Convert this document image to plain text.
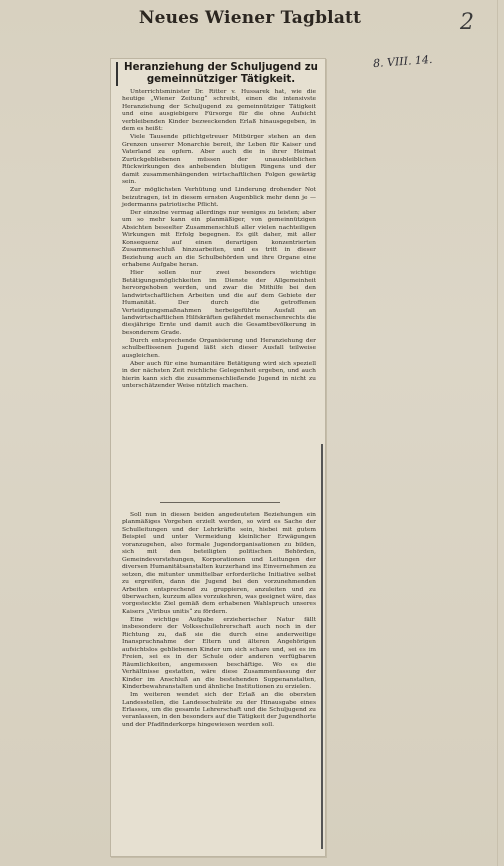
Neues Wiener Tagblatt	2
8. VIII. 14.
Heranziehung der Schuljugend zu gemeinnütziger Tätigkeit.

Unterrichtsminister Dr. Ritter v. Hussarek hat, wie die heutige „Wiener Zeitung“ schreibt, einen die intensivste Heranziehung der Schuljugend zu gemeinnütziger Tätigkeit und eine ausgiebigere Fürsorge für die ohne Aufsicht verbleibenden Kinder bezweckenden Erlaß hinausgegeben, in dem es heißt:

Viele Tausende pflichtgetreuer Mitbürger stehen an den Grenzen unserer Monarchie bereit, ihr Leben für Kaiser und Vaterland zu opfern. Aber auch die in ihrer Heimat Zurückgebliebenen müssen der unausbleiblichen Rückwirkungen des anhebenden blutigen Ringens und der damit zusammenhängenden wirtschaftlichen Folgen gewärtig sein.

Zur möglichsten Verhütung und Linderung drohender Not beizutragen, ist in diesem ernsten Augenblick mehr denn je — jedermanns patriotische Pflicht.

Der einzelne vermag allerdings nur weniges zu leisten; aber um so mehr kann ein planmäßiger, von gemeinnützigen Absichten beseelter Zusammenschluß aller vielen nachteiligen Wirkungen mit Erfolg begegnen. Es gilt daher, mit aller Konsequenz auf einen derartigen konzentrierten Zusammenschluß hinzuarbeiten, und es tritt in dieser Beziehung auch an die Schulbehörden und ihre Organe eine erhabene Aufgabe heran.

Hier sollen nur zwei besonders wichtige Betätigungsmöglichkeiten im Dienste der Allgemeinheit hervorgehoben werden, und zwar die Mithilfe bei den landwirtschaftlichen Arbeiten und die auf dem Gebiete der Humanität. Der durch die getroffenen Verteidigungsmaßnahmen herbeigeführte Ausfall an landwirtschaftlichen Hilfskräften gefährdet menschenrechts die diesjährige Ernte und damit auch die Gesamtbevölkerung in besonderem Grade.

Durch entsprechende Organisierung und Heranziehung der schulbeflissenen Jugend läßt sich dieser Ausfall teilweise ausgleichen.

Aber auch für eine humanitäre Betätigung wird sich speziell in der nächsten Zeit reichliche Gelegenheit ergeben, und auch hierin kann sich die zusammenschließende Jugend in nicht zu unterschätzender Weise nützlich machen.

Soll nun in diesen beiden angedeuteten Beziehungen ein planmäßiges Vorgehen erzielt werden, so wird es Sache der Schulleitungen und der Lehrkräfte sein, hiebei mit gutem Beispiel und unter Vermeidung kleinlicher Erwägungen voranzugehen, also formale Jugendorganisationen zu bilden, sich mit den beteiligten politischen Behörden, Gemeindevorstehungen, Korporationen und Leitungen der diversen Humanitätsanstalten kurzerhand ins Einvernehmen zu setzen, die mitunter unmittelbar erforderliche Initiative selbst zu ergreifen, dann die Jugend bei den vorzunehmenden Arbeiten entsprechend zu gruppieren, anzuleiten und zu überwachen, kurzum alles vorzukehren, was geeignet wäre, das vorgesteckte Ziel gemäß dem erhabenen Wahlspruch unseres Kaisers „Viribus unitis“ zu fördern.

Eine wichtige Aufgabe erzieherischer Natur fällt insbesondere der Volksschullehrerschaft auch noch in der Richtung zu, daß sie die durch eine anderweitige Inanspruchnahme der Eltern und älteren Angehörigen aufsichtslos gebliebenen Kinder um sich schare und, sei es im Freien, sei es in der Schule oder anderen verfügbaren Räumlichkeiten, angemessen beschäftige. Wo es die Verhältnisse gestatten, wäre diese Zusammenfassung der Kinder im Anschluß an die bestehenden Suppenanstalten, Kinderbewahranstalten und ähnliche Institutionen zu erzielen.

Im weiteren wendet sich der Erlaß an die obersten Landesstellen, die Landesschulräte zu der Hinausgabe eines Erlasses, um die gesamte Lehrerschaft und die Schuljugend zu veranlassen, in den besonders auf die Tätigkeit der Jugendhorte und der Pfadfinderkorps hingewiesen werden soll.
